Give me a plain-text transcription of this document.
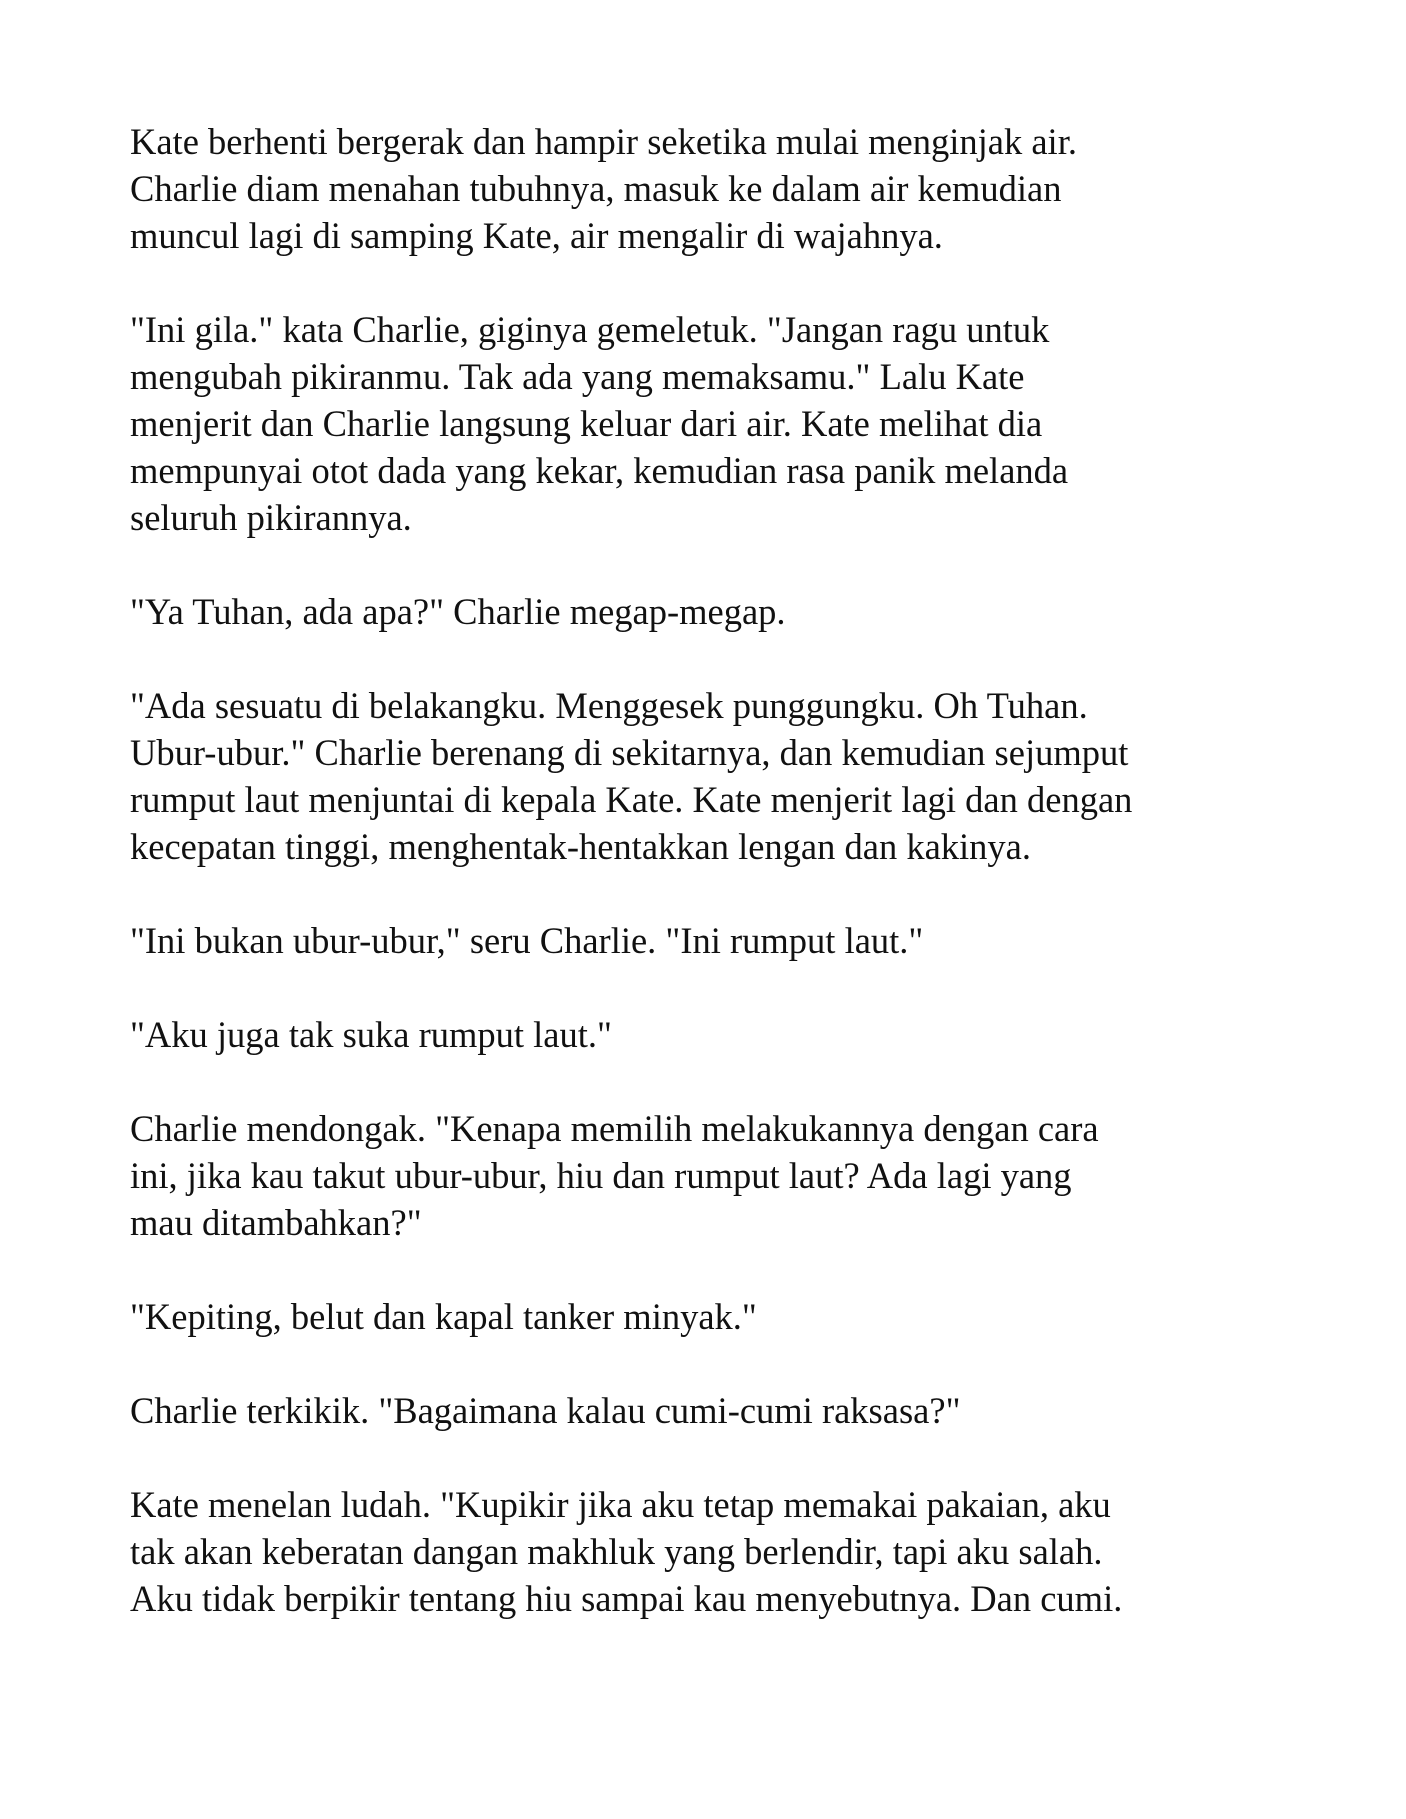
Kate berhenti bergerak dan hampir seketika mulai menginjak air.
Charlie diam menahan tubuhnya, masuk ke dalam air kemudian
muncul lagi di samping Kate, air mengalir di wajahnya.

"Ini gila." kata Charlie, giginya gemeletuk. "Jangan ragu untuk
mengubah pikiranmu. Tak ada yang memaksamu." Lalu Kate
menjerit dan Charlie langsung keluar dari air. Kate melihat dia
mempunyai otot dada yang kekar, kemudian rasa panik melanda
seluruh pikirannya.

"Ya Tuhan, ada apa?" Charlie megap-megap.

"Ada sesuatu di belakangku. Menggesek punggungku. Oh Tuhan.
Ubur-ubur." Charlie berenang di sekitarnya, dan kemudian sejumput
rumput laut menjuntai di kepala Kate. Kate menjerit lagi dan dengan
kecepatan tinggi, menghentak-hentakkan lengan dan kakinya.

"Ini bukan ubur-ubur," seru Charlie. "Ini rumput laut."

"Aku juga tak suka rumput laut."

Charlie mendongak. "Kenapa memilih melakukannya dengan cara
ini, jika kau takut ubur-ubur, hiu dan rumput laut? Ada lagi yang
mau ditambahkan?"

"Kepiting, belut dan kapal tanker minyak."

Charlie terkikik. "Bagaimana kalau cumi-cumi raksasa?"

Kate menelan ludah. "Kupikir jika aku tetap memakai pakaian, aku
tak akan keberatan dangan makhluk yang berlendir, tapi aku salah.
Aku tidak berpikir tentang hiu sampai kau menyebutnya. Dan cumi.
